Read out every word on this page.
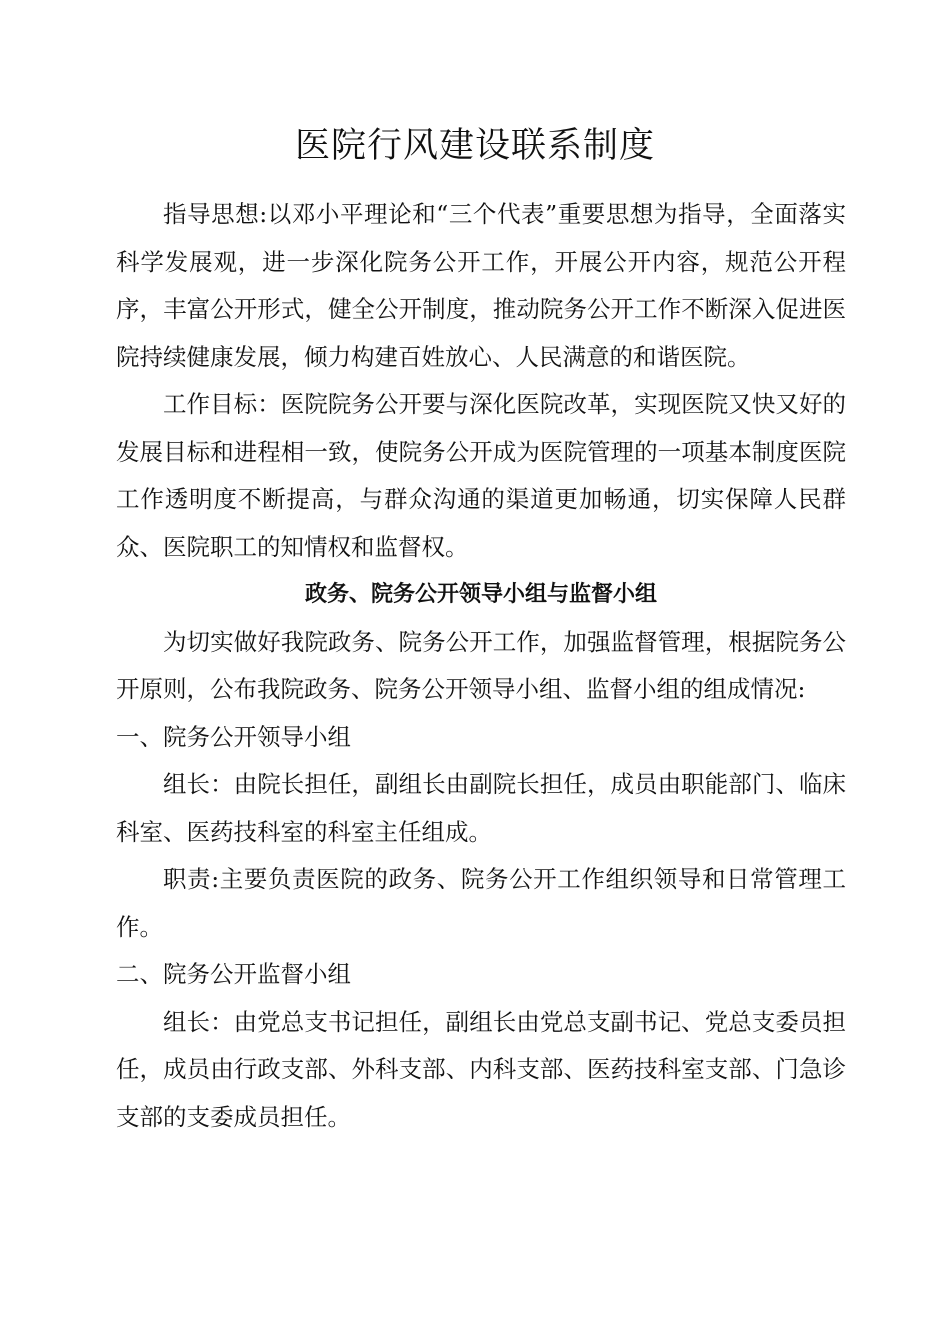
医院行风建设联系制度

指导思想:以邓小平理论和“三个代表”重要思想为指导，全面落实科学发展观，进一步深化院务公开工作，开展公开内容，规范公开程序，丰富公开形式，健全公开制度，推动院务公开工作不断深入促进医院持续健康发展，倾力构建百姓放心、人民满意的和谐医院。

工作目标：医院院务公开要与深化医院改革，实现医院又快又好的发展目标和进程相一致，使院务公开成为医院管理的一项基本制度医院工作透明度不断提高，与群众沟通的渠道更加畅通，切实保障人民群众、医院职工的知情权和监督权。

政务、院务公开领导小组与监督小组

为切实做好我院政务、院务公开工作，加强监督管理，根据院务公开原则，公布我院政务、院务公开领导小组、监督小组的组成情况:

一、院务公开领导小组

组长：由院长担任，副组长由副院长担任，成员由职能部门、临床科室、医药技科室的科室主任组成。

职责:主要负责医院的政务、院务公开工作组织领导和日常管理工作。

二、院务公开监督小组

组长：由党总支书记担任，副组长由党总支副书记、党总支委员担任，成员由行政支部、外科支部、内科支部、医药技科室支部、门急诊支部的支委成员担任。
